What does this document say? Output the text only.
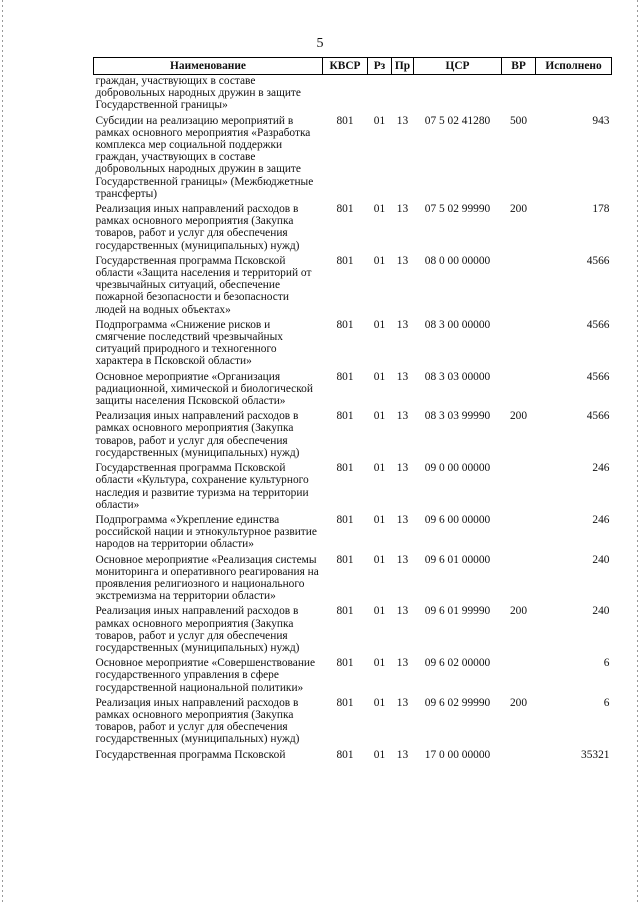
5
Наименование	КВСР	Рз	Пр	ЦСР	ВР	Исполнено
граждан, участвующих в составе добровольных народных дружин в защите Государственной границы»						
Субсидии на реализацию мероприятий в рамках основного мероприятия «Разработка комплекса мер социальной поддержки граждан, участвующих в составе добровольных народных дружин в защите Государственной границы» (Межбюджетные трансферты)	801	01	13	07 5 02 41280	500	943
Реализация иных направлений расходов в рамках основного мероприятия (Закупка товаров, работ и услуг для обеспечения государственных (муниципальных) нужд)	801	01	13	07 5 02 99990	200	178
Государственная программа Псковской области «Защита населения и территорий от чрезвычайных ситуаций, обеспечение пожарной безопасности и безопасности людей на водных объектах»	801	01	13	08 0 00 00000		4566
Подпрограмма «Снижение рисков и смягчение последствий чрезвычайных ситуаций природного и техногенного характера в Псковской области»	801	01	13	08 3 00 00000		4566
Основное мероприятие «Организация радиационной, химической и биологической защиты населения Псковской области»	801	01	13	08 3 03 00000		4566
Реализация иных направлений расходов в рамках основного мероприятия (Закупка товаров, работ и услуг для обеспечения государственных (муниципальных) нужд)	801	01	13	08 3 03 99990	200	4566
Государственная программа Псковской области «Культура, сохранение культурного наследия и развитие туризма на территории области»	801	01	13	09 0 00 00000		246
Подпрограмма «Укрепление единства российской нации и этнокультурное развитие народов на территории области»	801	01	13	09 6 00 00000		246
Основное мероприятие «Реализация системы мониторинга и оперативного реагирования на проявления религиозного и национального экстремизма на территории области»	801	01	13	09 6 01 00000		240
Реализация иных направлений расходов в рамках основного мероприятия (Закупка товаров, работ и услуг для обеспечения государственных (муниципальных) нужд)	801	01	13	09 6 01 99990	200	240
Основное мероприятие «Совершенствование государственного управления в сфере государственной национальной политики»	801	01	13	09 6 02 00000		6
Реализация иных направлений расходов в рамках основного мероприятия (Закупка товаров, работ и услуг для обеспечения государственных (муниципальных) нужд)	801	01	13	09 6 02 99990	200	6
Государственная программа Псковской	801	01	13	17 0 00 00000		35321
